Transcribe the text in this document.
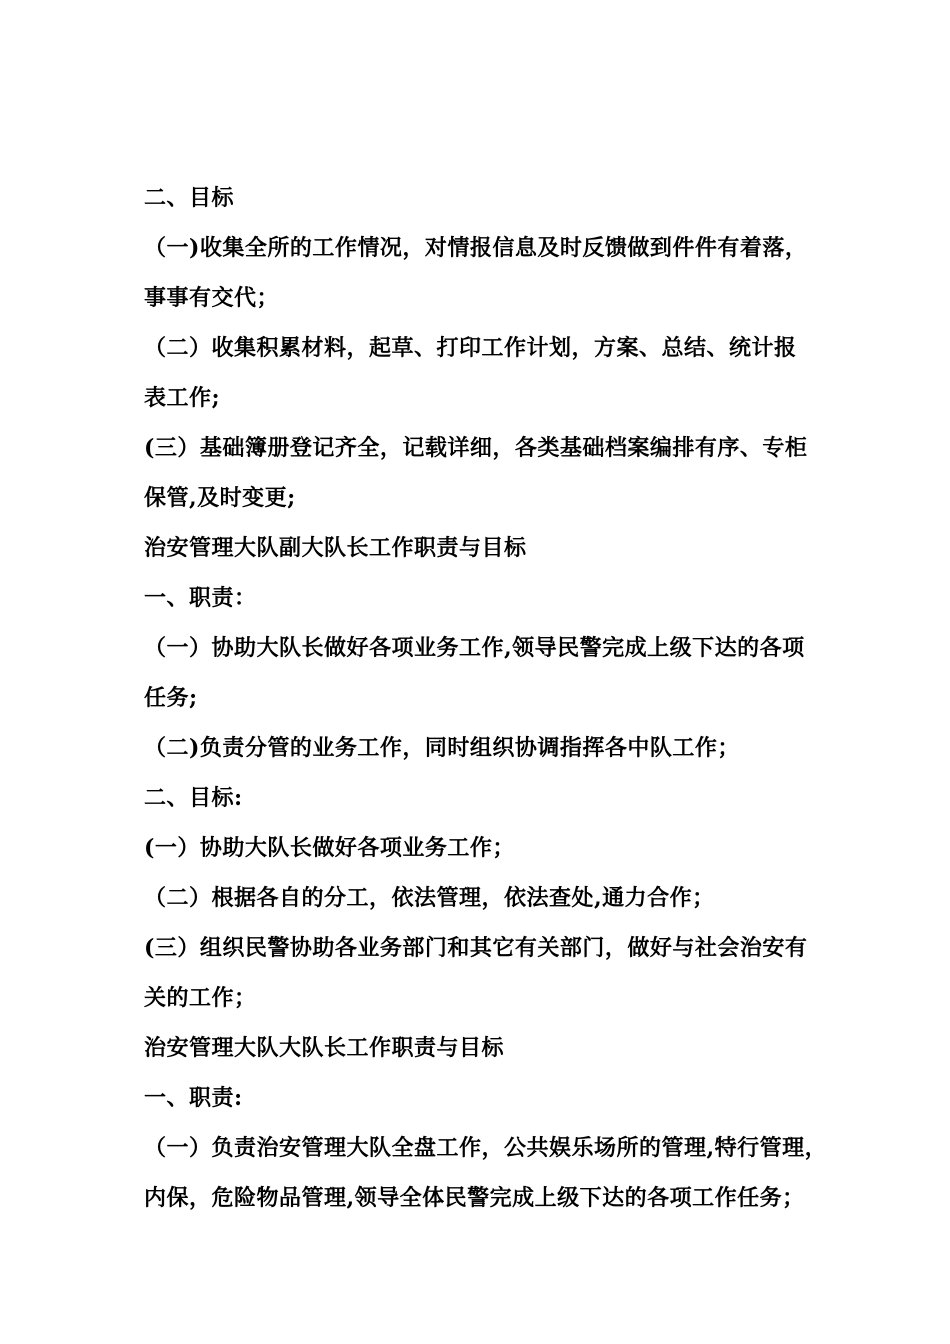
二、目标
（一)收集全所的工作情况，对情报信息及时反馈做到件件有着落，
事事有交代；
（二）收集积累材料，起草、打印工作计划，方案、总结、统计报
表工作;
(三）基础簿册登记齐全，记载详细，各类基础档案编排有序、专柜
保管,及时变更;
治安管理大队副大队长工作职责与目标
一、职责：
（一）协助大队长做好各项业务工作,领导民警完成上级下达的各项
任务;
（二)负责分管的业务工作，同时组织协调指挥各中队工作；
二、目标:
(一）协助大队长做好各项业务工作；
（二）根据各自的分工，依法管理，依法查处,通力合作；
(三）组织民警协助各业务部门和其它有关部门，做好与社会治安有
关的工作；
治安管理大队大队长工作职责与目标
一、职责:
（一）负责治安管理大队全盘工作，公共娱乐场所的管理,特行管理，
内保，危险物品管理,领导全体民警完成上级下达的各项工作任务；
